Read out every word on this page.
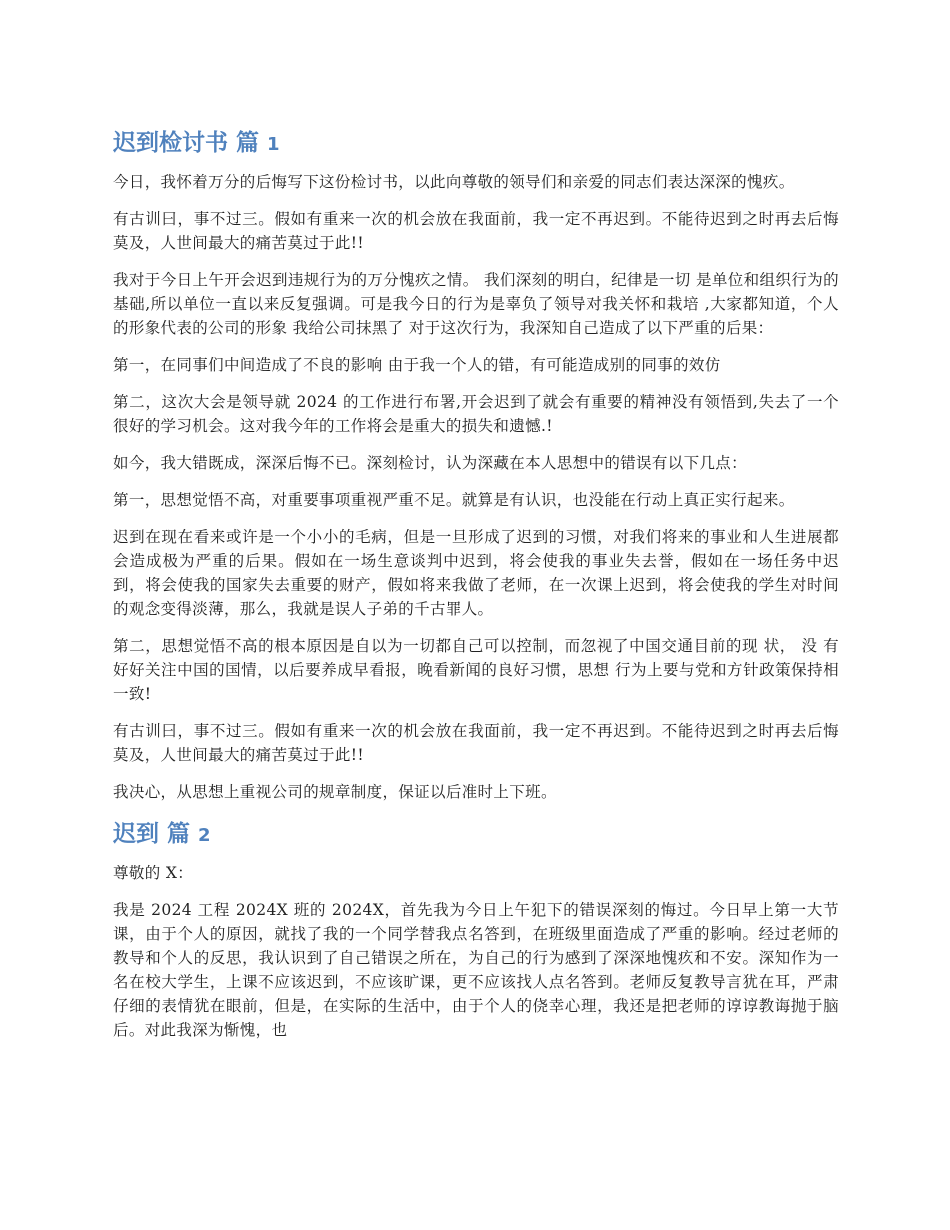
迟到检讨书 篇 1

今日，我怀着万分的后悔写下这份检讨书，以此向尊敬的领导们和亲爱的同志们表达深深的愧疚。

有古训曰，事不过三。假如有重来一次的机会放在我面前，我一定不再迟到。不能待迟到之时再去后悔莫及，人世间最大的痛苦莫过于此!!

我对于今日上午开会迟到违规行为的万分愧疚之情。 我们深刻的明白，纪律是一切 是单位和组织行为的基础,所以单位一直以来反复强调。可是我今日的行为是辜负了领导对我关怀和栽培 ,大家都知道，个人的形象代表的公司的形象 我给公司抹黑了 对于这次行为，我深知自己造成了以下严重的后果：

第一，在同事们中间造成了不良的影响 由于我一个人的错，有可能造成别的同事的效仿

第二，这次大会是领导就 2024 的工作进行布署,开会迟到了就会有重要的精神没有领悟到,失去了一个很好的学习机会。这对我今年的工作将会是重大的损失和遗憾.!

如今，我大错既成，深深后悔不已。深刻检讨，认为深藏在本人思想中的错误有以下几点：

第一，思想觉悟不高，对重要事项重视严重不足。就算是有认识，也没能在行动上真正实行起来。

迟到在现在看来或许是一个小小的毛病，但是一旦形成了迟到的习惯，对我们将来的事业和人生进展都会造成极为严重的后果。假如在一场生意谈判中迟到，将会使我的事业失去誉，假如在一场任务中迟到，将会使我的国家失去重要的财产，假如将来我做了老师，在一次课上迟到，将会使我的学生对时间的观念变得淡薄，那么，我就是误人子弟的千古罪人。

第二，思想觉悟不高的根本原因是自以为一切都自己可以控制，而忽视了中国交通目前的现 状， 没 有好好关注中国的国情，以后要养成早看报，晚看新闻的良好习惯，思想 行为上要与党和方针政策保持相一致!

有古训曰，事不过三。假如有重来一次的机会放在我面前，我一定不再迟到。不能待迟到之时再去后悔莫及，人世间最大的痛苦莫过于此!!

我决心，从思想上重视公司的规章制度，保证以后准时上下班。

迟到 篇 2

尊敬的 X：

我是 2024 工程 2024X 班的 2024X，首先我为今日上午犯下的错误深刻的悔过。今日早上第一大节课，由于个人的原因，就找了我的一个同学替我点名答到，在班级里面造成了严重的影响。经过老师的教导和个人的反思，我认识到了自己错误之所在，为自己的行为感到了深深地愧疚和不安。深知作为一名在校大学生，上课不应该迟到，不应该旷课，更不应该找人点名答到。老师反复教导言犹在耳，严肃仔细的表情犹在眼前，但是，在实际的生活中，由于个人的侥幸心理，我还是把老师的谆谆教诲抛于脑后。对此我深为惭愧，也
